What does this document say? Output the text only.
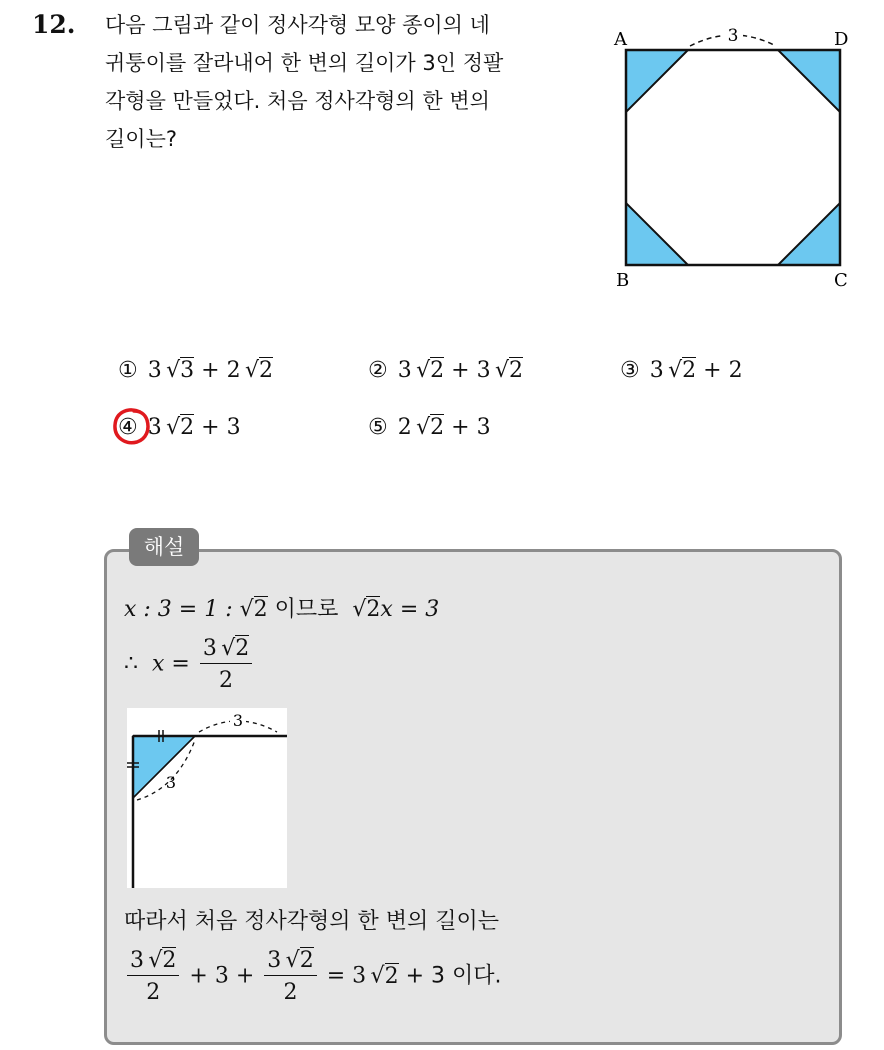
12. 다음 그림과 같이 정사각형 모양 종이의 네
귀퉁이를 잘라내어 한 변의 길이가 3인 정팔
각형을 만들었다. 처음 정사각형의 한 변의
길이는?
3
A	D
B	C
① 3 √3 + 2 √2	② 3 √2 + 3 √2	③ 3 √2 + 2
④ 3 √2 + 3	⑤ 2 √2 + 3
해설
x : 3 = 1 : √2 이므로  √2x = 3
∴ $x = \frac{3 √2}{2}$
3
3
따라서 처음 정사각형의 한 변의 길이는
$\frac{3 √2}{2} + 3 + \frac{3 √2}{2} = 3$ √2 + 3 이다.
